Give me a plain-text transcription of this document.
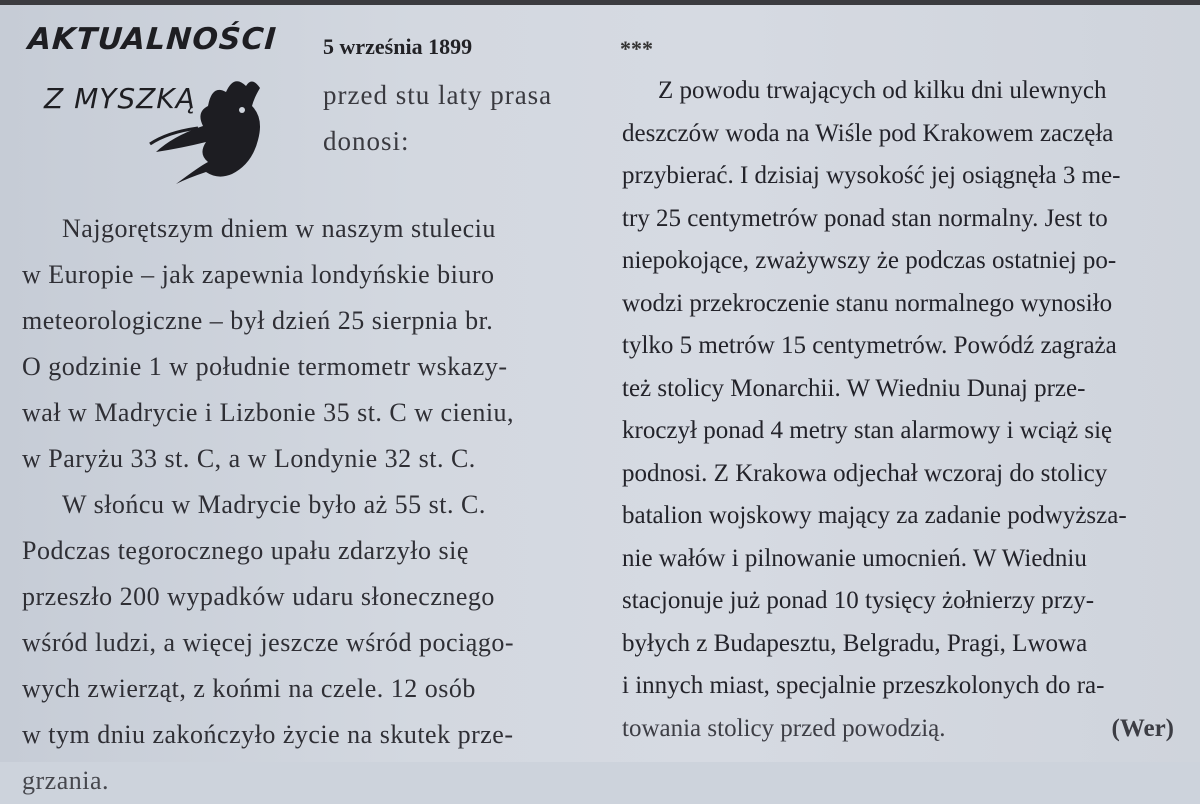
AKTUALNOŚCI
Z MYSZKĄ
5 września 1899
przed stu laty prasa
donosi:

Najgorętszym dniem w naszym stuleciu
w Europie – jak zapewnia londyńskie biuro
meteorologiczne – był dzień 25 sierpnia br.
O godzinie 1 w południe termometr wskazy-
wał w Madrycie i Lizbonie 35 st. C w cieniu,
w Paryżu 33 st. C, a w Londynie 32 st. C.

W słońcu w Madrycie było aż 55 st. C.
Podczas tegorocznego upału zdarzyło się
przeszło 200 wypadków udaru słonecznego
wśród ludzi, a więcej jeszcze wśród pociągo-
wych zwierząt, z końmi na czele. 12 osób
w tym dniu zakończyło życie na skutek prze-
grzania.

***

Z powodu trwających od kilku dni ulewnych
deszczów woda na Wiśle pod Krakowem zaczęła
przybierać. I dzisiaj wysokość jej osiągnęła 3 me-
try 25 centymetrów ponad stan normalny. Jest to
niepokojące, zważywszy że podczas ostatniej po-
wodzi przekroczenie stanu normalnego wynosiło
tylko 5 metrów 15 centymetrów. Powódź zagraża
też stolicy Monarchii. W Wiedniu Dunaj prze-
kroczył ponad 4 metry stan alarmowy i wciąż się
podnosi. Z Krakowa odjechał wczoraj do stolicy
batalion wojskowy mający za zadanie podwyższa-
nie wałów i pilnowanie umocnień. W Wiedniu
stacjonuje już ponad 10 tysięcy żołnierzy przy-
byłych z Budapesztu, Belgradu, Pragi, Lwowa
i innych miast, specjalnie przeszkolonych do ra-
towania stolicy przed powodzią.	(Wer)
